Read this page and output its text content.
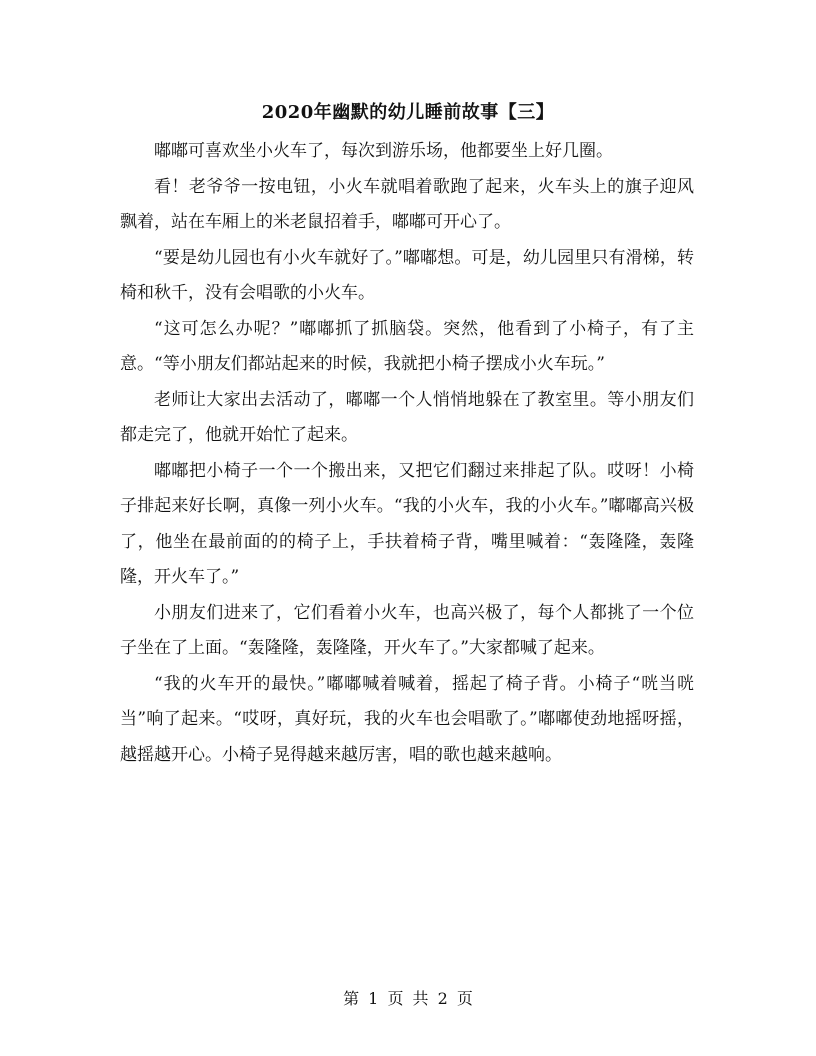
2020年幽默的幼儿睡前故事【三】

嘟嘟可喜欢坐小火车了，每次到游乐场，他都要坐上好几圈。

看！老爷爷一按电钮，小火车就唱着歌跑了起来，火车头上的旗子迎风飘着，站在车厢上的米老鼠招着手，嘟嘟可开心了。

“要是幼儿园也有小火车就好了。”嘟嘟想。可是，幼儿园里只有滑梯，转椅和秋千，没有会唱歌的小火车。

“这可怎么办呢？”嘟嘟抓了抓脑袋。突然，他看到了小椅子，有了主意。“等小朋友们都站起来的时候，我就把小椅子摆成小火车玩。”

老师让大家出去活动了，嘟嘟一个人悄悄地躲在了教室里。等小朋友们都走完了，他就开始忙了起来。

嘟嘟把小椅子一个一个搬出来，又把它们翻过来排起了队。哎呀！小椅子排起来好长啊，真像一列小火车。“我的小火车，我的小火车。”嘟嘟高兴极了，他坐在最前面的的椅子上，手扶着椅子背，嘴里喊着：“轰隆隆，轰隆隆，开火车了。”

小朋友们进来了，它们看着小火车，也高兴极了，每个人都挑了一个位子坐在了上面。“轰隆隆，轰隆隆，开火车了。”大家都喊了起来。

“我的火车开的最快。”嘟嘟喊着喊着，摇起了椅子背。小椅子“咣当咣当”响了起来。“哎呀，真好玩，我的火车也会唱歌了。”嘟嘟使劲地摇呀摇，越摇越开心。小椅子晃得越来越厉害，唱的歌也越来越响。

第 1 页 共 2 页
